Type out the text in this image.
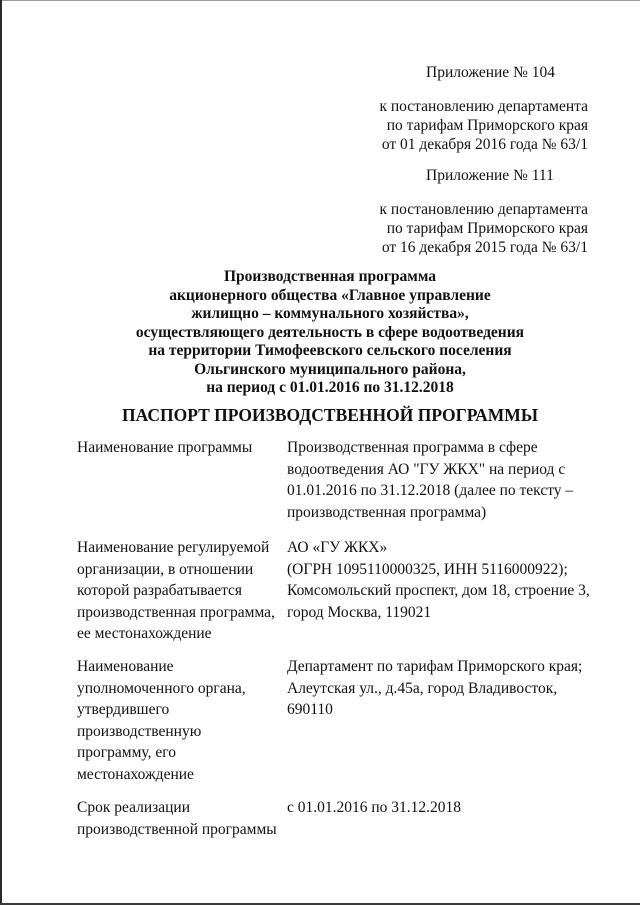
Приложение № 104
к постановлению департамента
по тарифам Приморского края
от 01 декабря 2016 года № 63/1
Приложение № 111
к постановлению департамента
по тарифам Приморского края
от 16 декабря 2015 года № 63/1
Производственная программа
акционерного общества «Главное управление
жилищно – коммунального хозяйства»,
осуществляющего деятельность в сфере водоотведения
на территории Тимофеевского сельского поселения
Ольгинского муниципального района,
на период с 01.01.2016 по 31.12.2018
ПАСПОРТ ПРОИЗВОДСТВЕННОЙ ПРОГРАММЫ
Наименование программы	Производственная программа в сфере
водоотведения АО "ГУ ЖКХ" на период с
01.01.2016 по 31.12.2018 (далее по тексту –
производственная программа)
Наименование регулируемой
организации, в отношении
которой разрабатывается
производственная программа,
ее местонахождение
АО «ГУ ЖКХ»
(ОГРН 1095110000325, ИНН 5116000922);
Комсомольский проспект, дом 18, строение 3,
город Москва, 119021
Наименование
уполномоченного органа,
утвердившего
производственную
программу, его
местонахождение
Департамент по тарифам Приморского края;
Алеутская ул., д.45а, город Владивосток,
690110
Срок реализации
производственной программы
с 01.01.2016 по 31.12.2018
